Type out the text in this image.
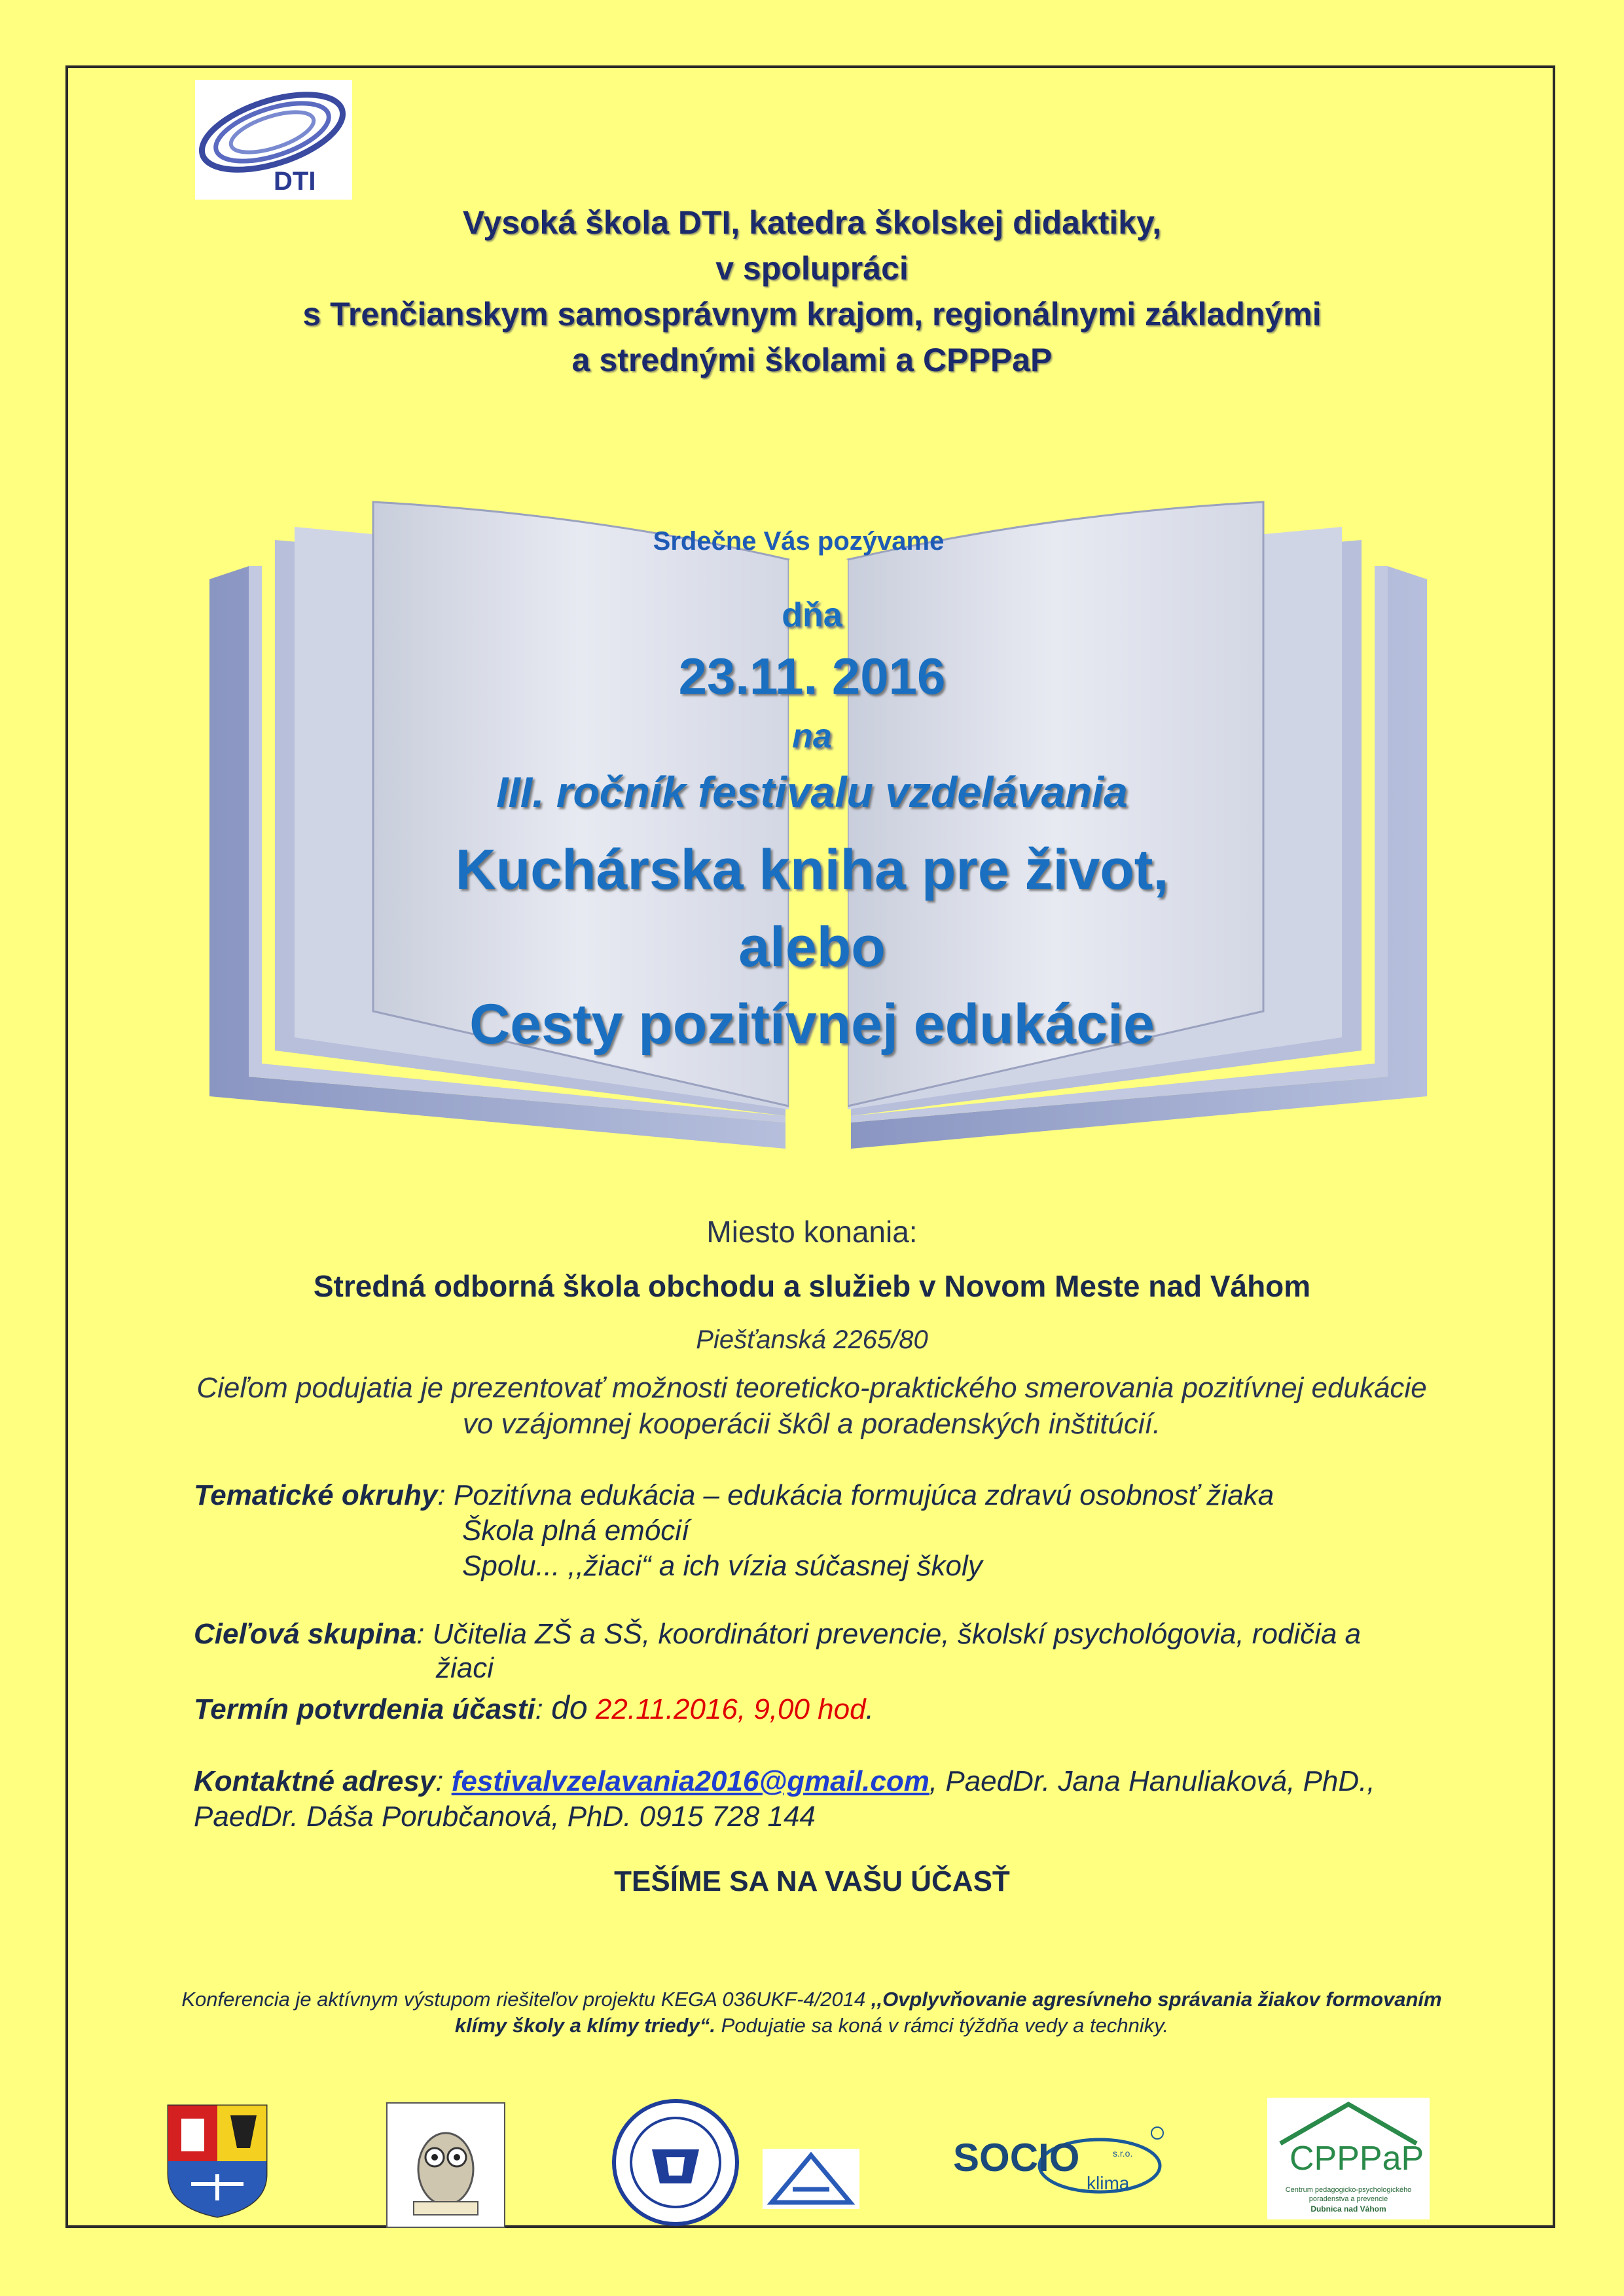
DTI
Vysoká škola DTI, katedra školskej didaktiky,
v spolupráci
s Trenčianskym samosprávnym krajom, regionálnymi základnými
a strednými školami a CPPPaP
Srdečne Vás pozývame
dňa
23.11. 2016
na
III. ročník festivalu vzdelávania
Kuchárska kniha pre život,
alebo
Cesty pozitívnej edukácie
Miesto konania:
Stredná odborná škola obchodu a služieb v Novom Meste nad Váhom
Piešťanská 2265/80
Cieľom podujatia je prezentovať možnosti teoreticko-praktického smerovania pozitívnej edukácie vo vzájomnej kooperácii škôl a poradenských inštitúcií.
Tematické okruhy: Pozitívna edukácia – edukácia formujúca zdravú osobnosť žiaka
Škola plná emócií
Spolu... ,,žiaci“ a ich vízia súčasnej školy
Cieľová skupina: Učitelia ZŠ a SŠ, koordinátori prevencie, školskí psychológovia, rodičia a
žiaci
Termín potvrdenia účasti: do 22.11.2016, 9,00 hod.
Kontaktné adresy: festivalvzelavania2016@gmail.com, PaedDr. Jana Hanuliaková, PhD.,
PaedDr. Dáša Porubčanová, PhD. 0915 728 144
TEŠÍME SA NA VAŠU ÚČASŤ
Konferencia je aktívnym výstupom riešiteľov projektu KEGA 036UKF-4/2014 ,,Ovplyvňovanie agresívneho správania žiakov formovaním klímy školy a klímy triedy“. Podujatie sa koná v rámci týždňa vedy a techniky.
SOCIO
klima
s.r.o.	CPPPaP
Centrum pedagogicko-psychologického
poradenstva a prevencie
Dubnica nad Váhom
